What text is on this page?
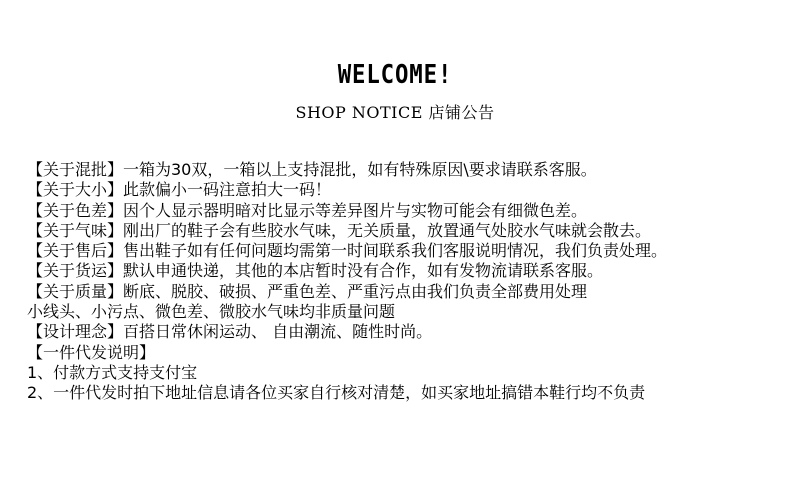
WELCOME!
SHOP NOTICE 店铺公告
【关于混批】一箱为30双，一箱以上支持混批，如有特殊原因\要求请联系客服。
【关于大小】此款偏小一码注意拍大一码！
【关于色差】因个人显示器明暗对比显示等差异图片与实物可能会有细微色差。
【关于气味】刚出厂的鞋子会有些胶水气味，无关质量，放置通气处胶水气味就会散去。
【关于售后】售出鞋子如有任何问题均需第一时间联系我们客服说明情况，我们负责处理。
【关于货运】默认申通快递，其他的本店暂时没有合作，如有发物流请联系客服。
【关于质量】断底、脱胶、破损、严重色差、严重污点由我们负责全部费用处理
小线头、小污点、微色差、微胶水气味均非质量问题
【设计理念】百搭日常休闲运动、 自由潮流、随性时尚。
【一件代发说明】
1、付款方式支持支付宝
2、一件代发时拍下地址信息请各位买家自行核对清楚，如买家地址搞错本鞋行均不负责
